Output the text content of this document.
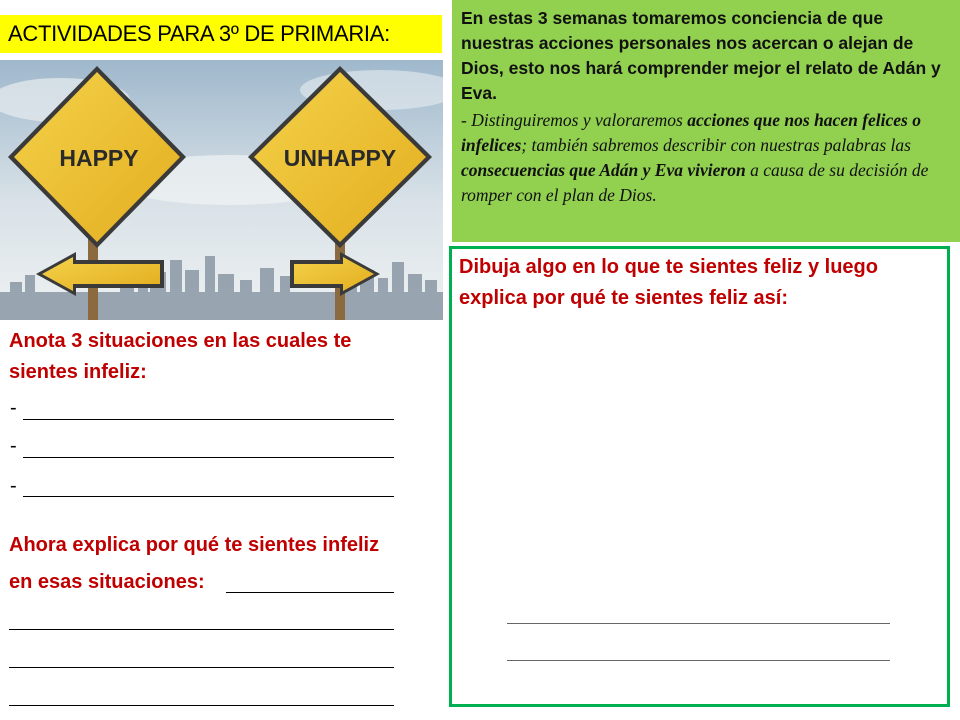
ACTIVIDADES PARA 3º DE PRIMARIA:
HAPPY	UNHAPPY
En estas 3 semanas tomaremos conciencia de que nuestras acciones personales nos acercan o alejan de Dios, esto nos hará comprender mejor el relato de Adán y Eva.
- Distinguiremos y valoraremos acciones que nos hacen felices o infelices; también sabremos describir con nuestras palabras las consecuencias que Adán y Eva vivieron a causa de su decisión de romper con el plan de Dios.
Anota 3 situaciones en las cuales te sientes infeliz:
-
-
-
Ahora explica por qué te sientes infeliz
en esas situaciones:
Dibuja algo en lo que te sientes feliz y luego explica por qué te sientes feliz así:
